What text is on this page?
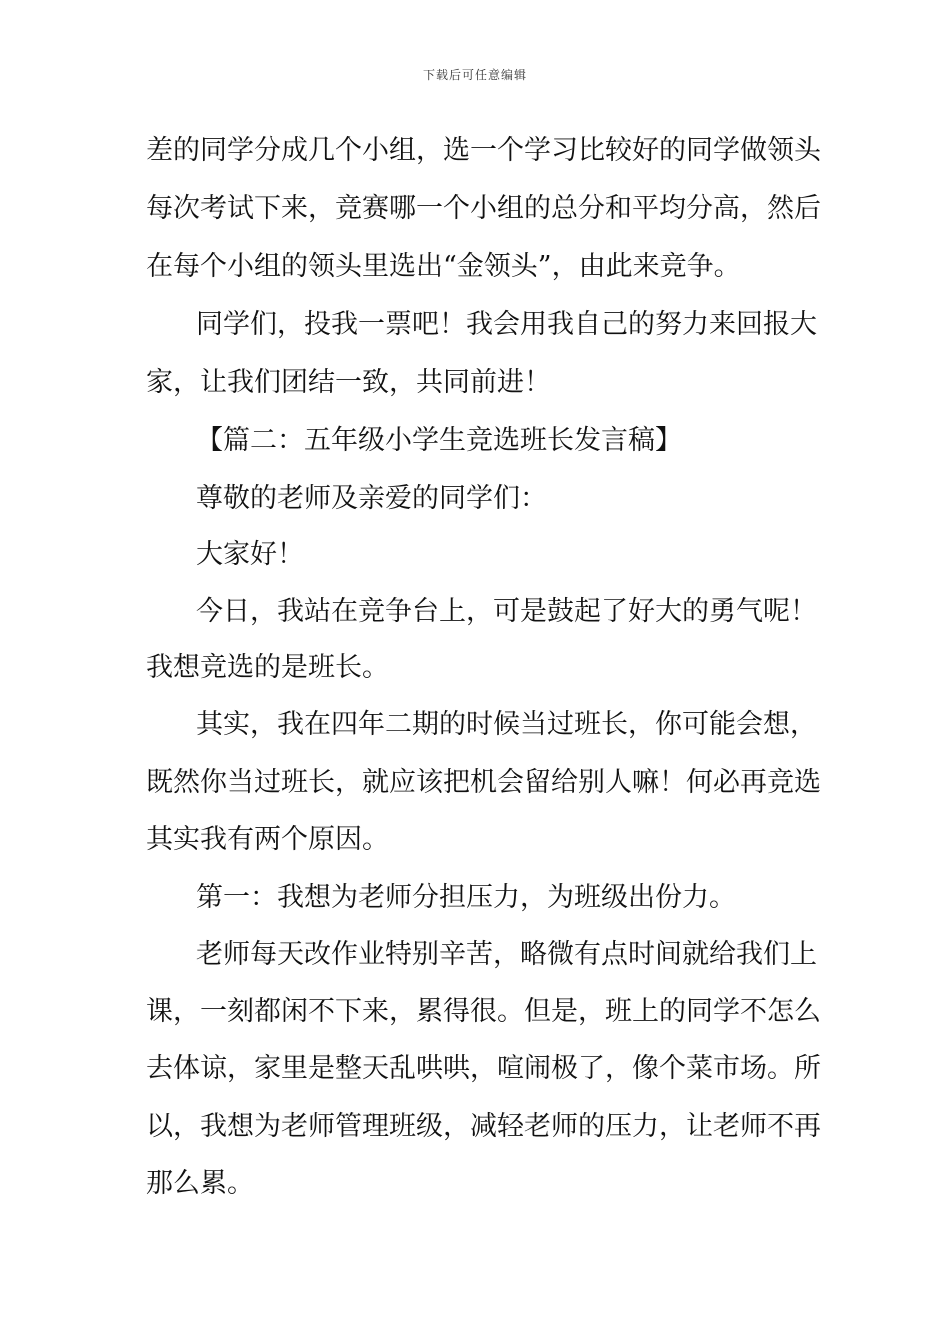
下载后可任意编辑
差的同学分成几个小组，选一个学习比较好的同学做领头
每次考试下来，竞赛哪一个小组的总分和平均分高，然后
在每个小组的领头里选出“金领头”，由此来竞争。
同学们，投我一票吧！我会用我自己的努力来回报大
家，让我们团结一致，共同前进！
【篇二：五年级小学生竞选班长发言稿】
尊敬的老师及亲爱的同学们：
大家好！
今日，我站在竞争台上，可是鼓起了好大的勇气呢！
我想竞选的是班长。
其实，我在四年二期的时候当过班长，你可能会想，
既然你当过班长，就应该把机会留给别人嘛！何必再竞选
其实我有两个原因。
第一：我想为老师分担压力，为班级出份力。
老师每天改作业特别辛苦，略微有点时间就给我们上
课，一刻都闲不下来，累得很。但是，班上的同学不怎么
去体谅，家里是整天乱哄哄，喧闹极了，像个菜市场。所
以，我想为老师管理班级，减轻老师的压力，让老师不再
那么累。
